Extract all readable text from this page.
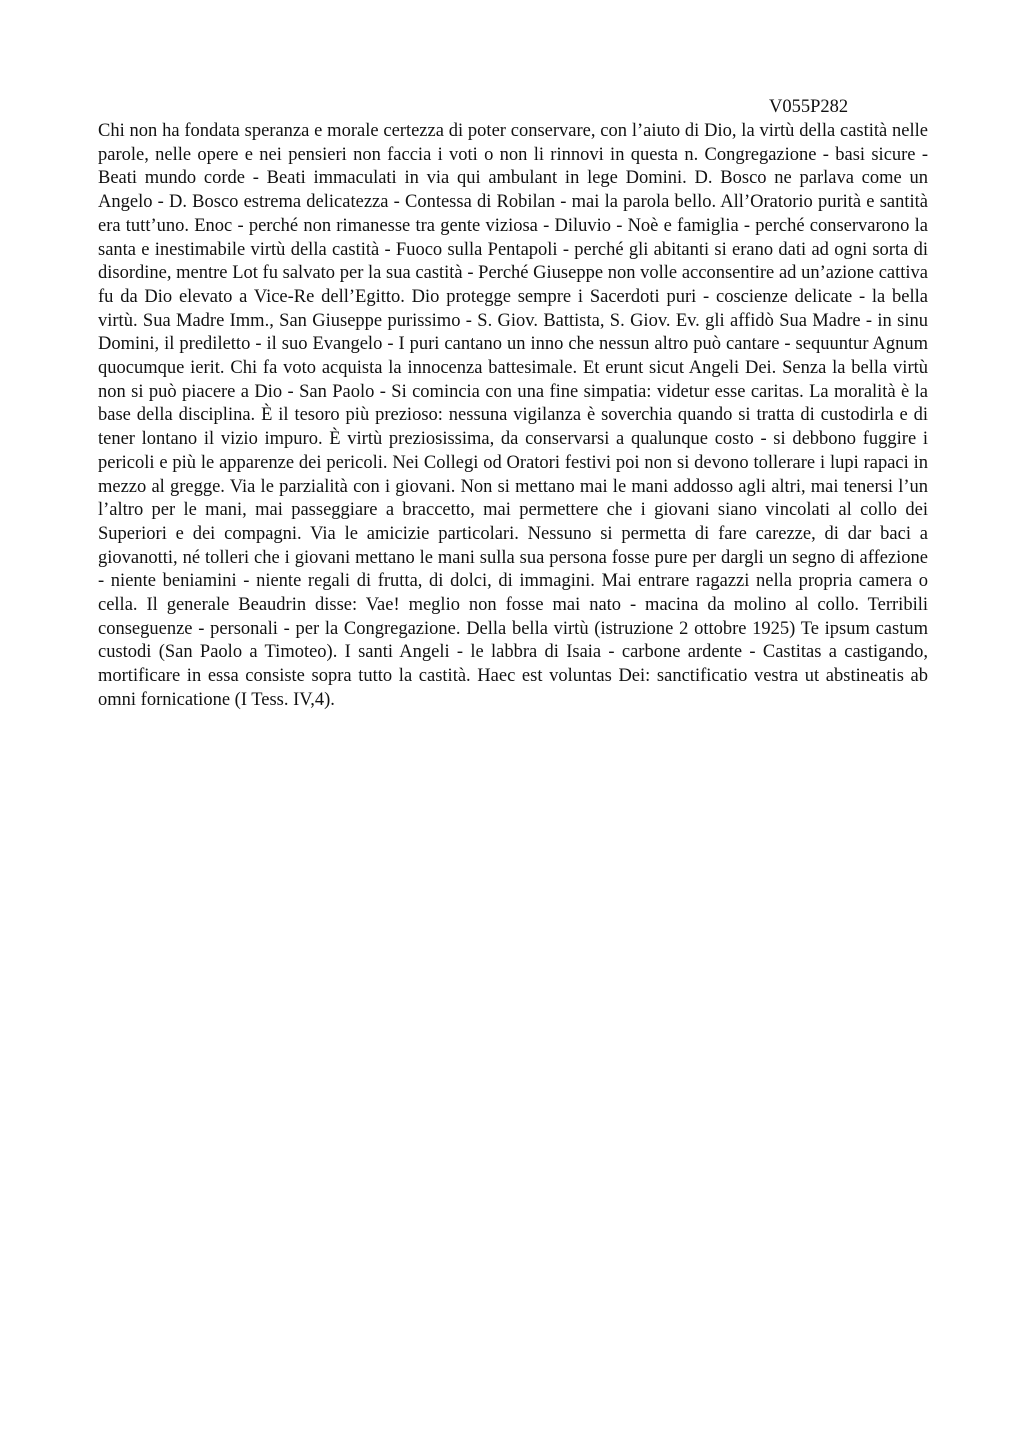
V055P282

Chi non ha fondata speranza e morale certezza di poter conservare, con l’aiuto di Dio, la virtù della castità nelle parole, nelle opere e nei pensieri non faccia i voti o non li rinnovi in questa n. Congregazione - basi sicure - Beati mundo corde - Beati immaculati in via qui ambulant in lege Domini. D. Bosco ne parlava come un Angelo - D. Bosco estrema delicatezza - Contessa di Robilan - mai la parola bello. All’Oratorio purità e santità era tutt’uno. Enoc - perché non rimanesse tra gente viziosa - Diluvio - Noè e famiglia - perché conservarono la santa e inestimabile virtù della castità - Fuoco sulla Pentapoli - perché gli abitanti si erano dati ad ogni sorta di disordine, mentre Lot fu salvato per la sua castità - Perché Giuseppe non volle acconsentire ad un’azione cattiva fu da Dio elevato a Vice-Re dell’Egitto. Dio protegge sempre i Sacerdoti puri - coscienze delicate - la bella virtù. Sua Madre Imm., San Giuseppe purissimo - S. Giov. Battista, S. Giov. Ev. gli affidò Sua Madre - in sinu Domini, il prediletto - il suo Evangelo - I puri cantano un inno che nessun altro può cantare - sequuntur Agnum quocumque ierit. Chi fa voto acquista la innocenza battesimale. Et erunt sicut Angeli Dei. Senza la bella virtù non si può piacere a Dio - San Paolo - Si comincia con una fine simpatia: videtur esse caritas. La moralità è la base della disciplina. È il tesoro più prezioso: nessuna vigilanza è soverchia quando si tratta di custodirla e di tener lontano il vizio impuro. È virtù preziosissima, da conservarsi a qualunque costo - si debbono fuggire i pericoli e più le apparenze dei pericoli. Nei Collegi od Oratori festivi poi non si devono tollerare i lupi rapaci in mezzo al gregge. Via le parzialità con i giovani. Non si mettano mai le mani addosso agli altri, mai tenersi l’un l’altro per le mani, mai passeggiare a braccetto, mai permettere che i giovani siano vincolati al collo dei Superiori e dei compagni. Via le amicizie particolari. Nessuno si permetta di fare carezze, di dar baci a giovanotti, né tolleri che i giovani mettano le mani sulla sua persona fosse pure per dargli un segno di affezione - niente beniamini - niente regali di frutta, di dolci, di immagini. Mai entrare ragazzi nella propria camera o cella. Il generale Beaudrin disse: Vae! meglio non fosse mai nato - macina da molino al collo. Terribili conseguenze - personali - per la Congregazione. Della bella virtù (istruzione 2 ottobre 1925) Te ipsum castum custodi (San Paolo a Timoteo). I santi Angeli - le labbra di Isaia - carbone ardente - Castitas a castigando, mortificare in essa consiste sopra tutto la castità. Haec est voluntas Dei: sanctificatio vestra ut abstineatis ab omni fornicatione (I Tess. IV,4).
